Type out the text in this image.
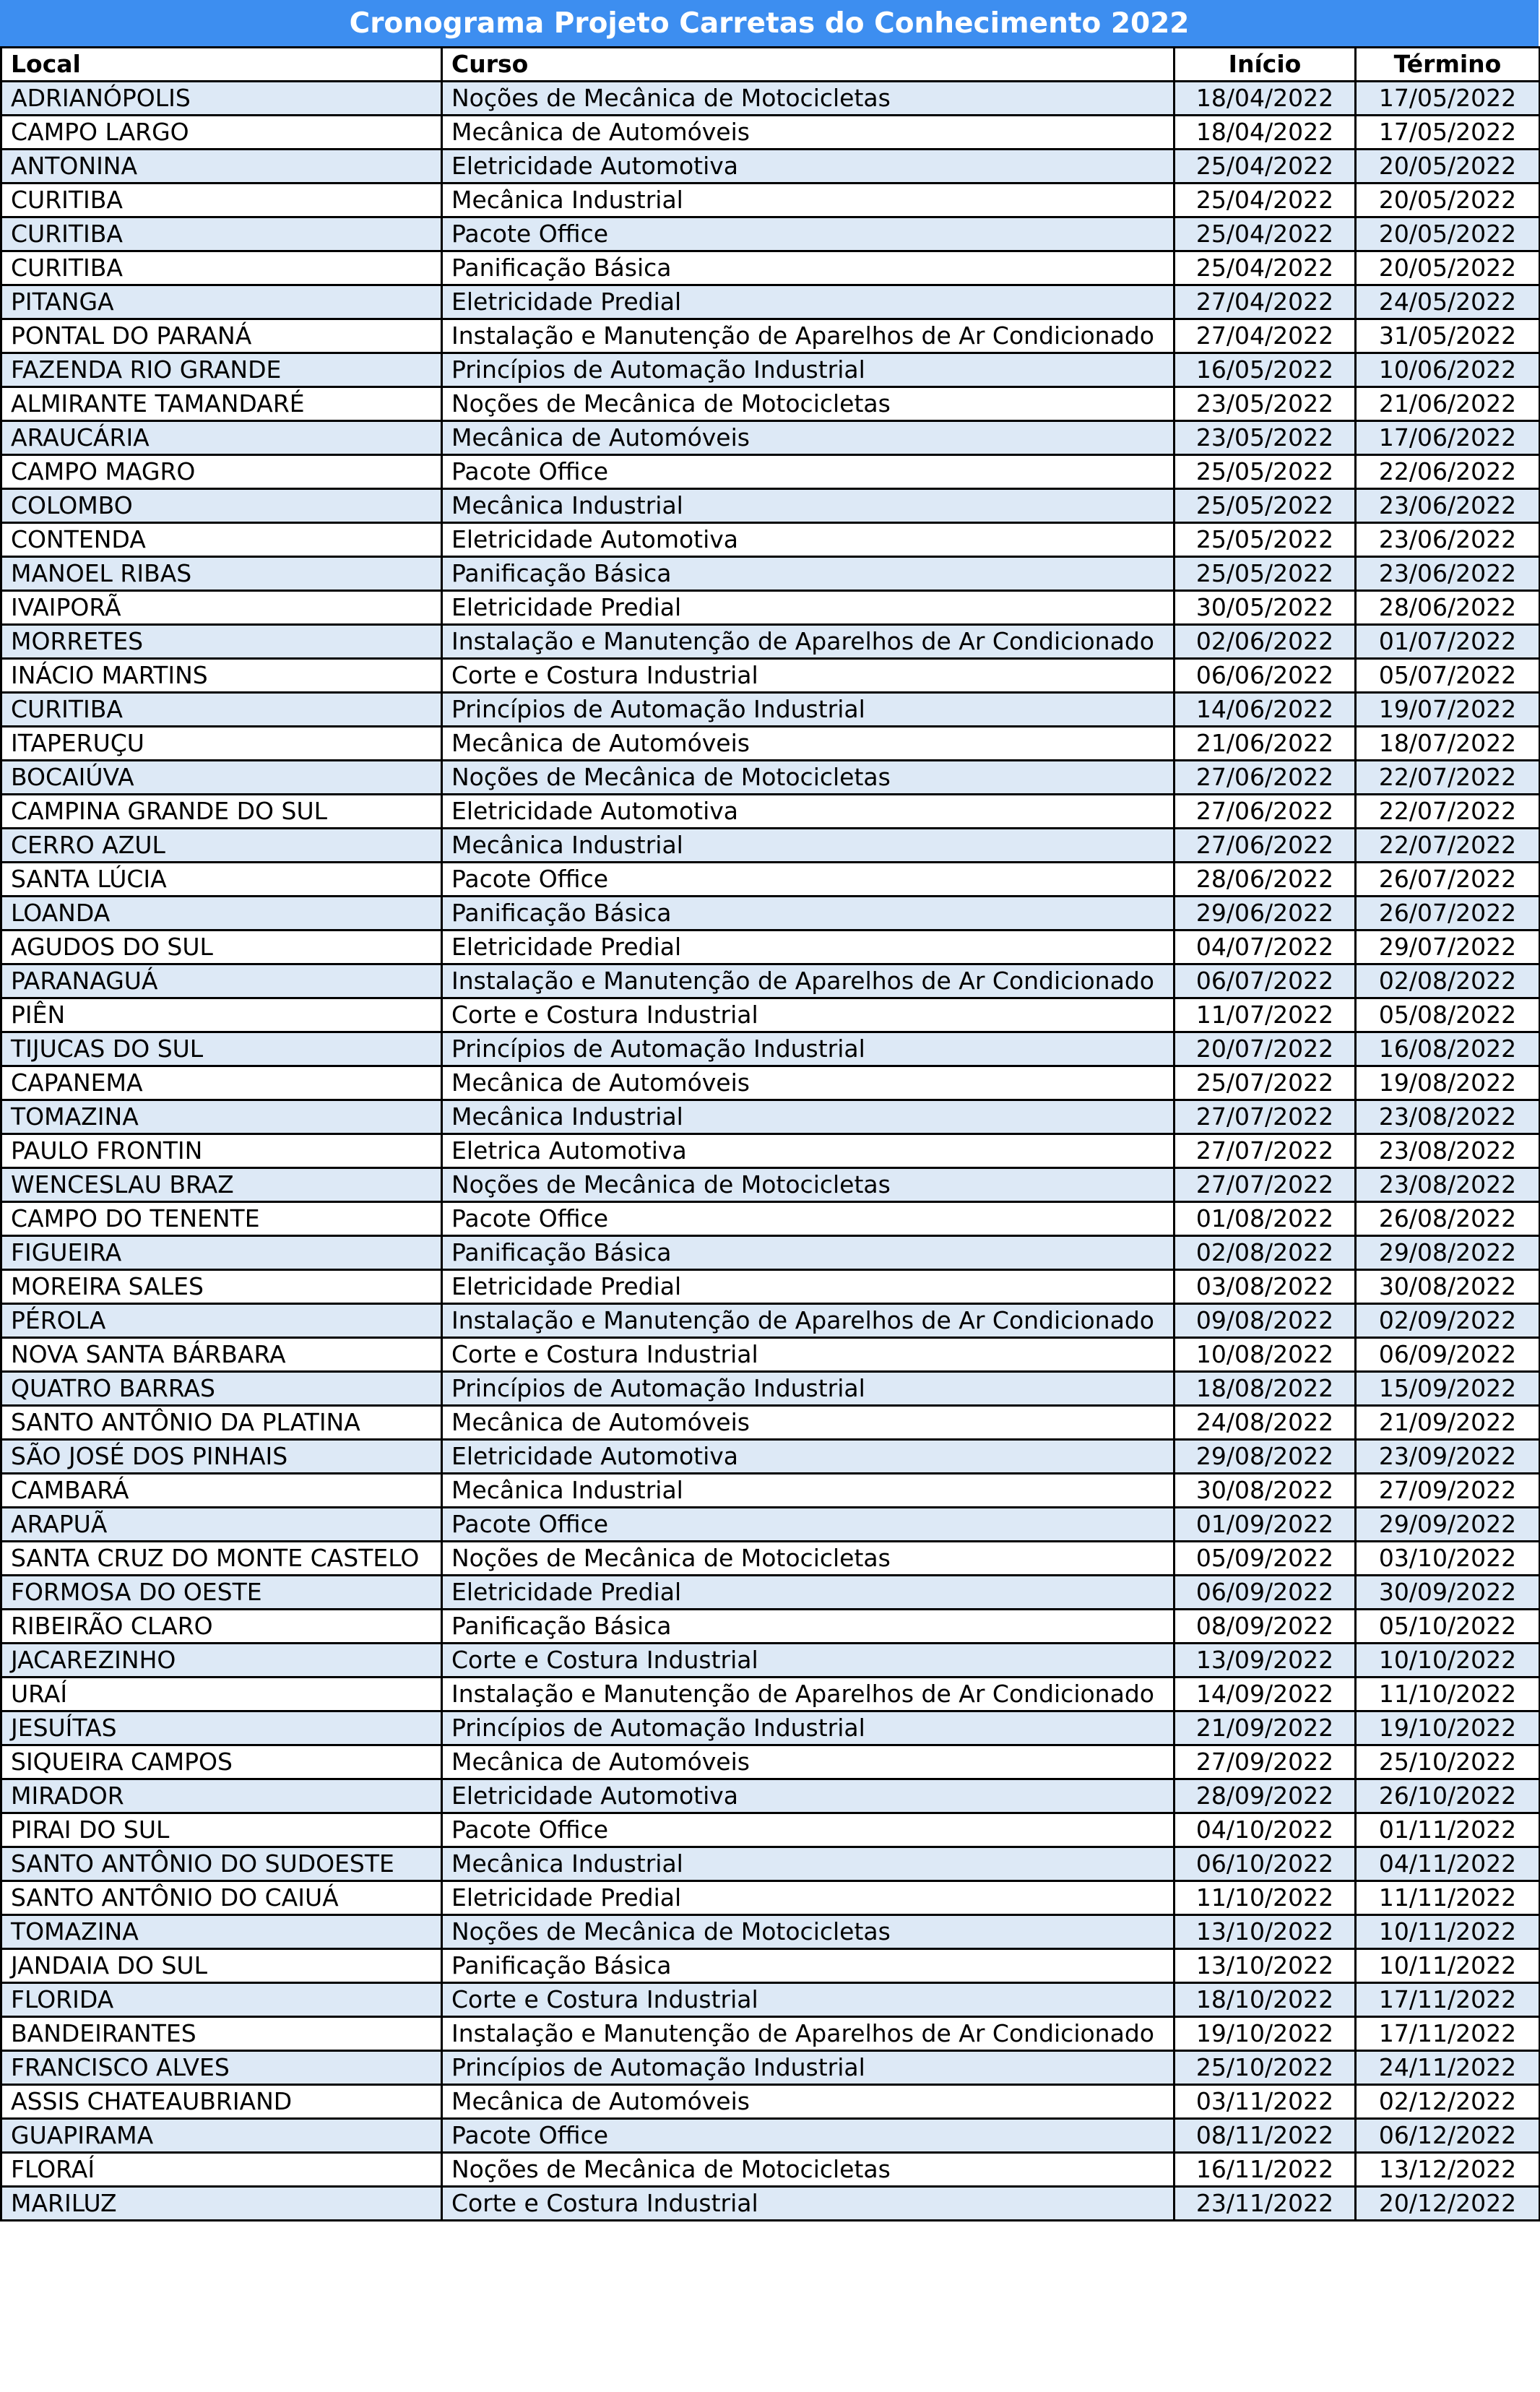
Cronograma Projeto Carretas do Conhecimento 2022
Local	Curso	Início	Término
ADRIANÓPOLIS	Noções de Mecânica de Motocicletas	18/04/2022	17/05/2022
CAMPO LARGO	Mecânica de Automóveis	18/04/2022	17/05/2022
ANTONINA	Eletricidade Automotiva	25/04/2022	20/05/2022
CURITIBA	Mecânica Industrial	25/04/2022	20/05/2022
CURITIBA	Pacote Office	25/04/2022	20/05/2022
CURITIBA	Panificação Básica	25/04/2022	20/05/2022
PITANGA	Eletricidade Predial	27/04/2022	24/05/2022
PONTAL DO PARANÁ	Instalação e Manutenção de Aparelhos de Ar Condicionado	27/04/2022	31/05/2022
FAZENDA RIO GRANDE	Princípios de Automação Industrial	16/05/2022	10/06/2022
ALMIRANTE TAMANDARÉ	Noções de Mecânica de Motocicletas	23/05/2022	21/06/2022
ARAUCÁRIA	Mecânica de Automóveis	23/05/2022	17/06/2022
CAMPO MAGRO	Pacote Office	25/05/2022	22/06/2022
COLOMBO	Mecânica Industrial	25/05/2022	23/06/2022
CONTENDA	Eletricidade Automotiva	25/05/2022	23/06/2022
MANOEL RIBAS	Panificação Básica	25/05/2022	23/06/2022
IVAIPORÃ	Eletricidade Predial	30/05/2022	28/06/2022
MORRETES	Instalação e Manutenção de Aparelhos de Ar Condicionado	02/06/2022	01/07/2022
INÁCIO MARTINS	Corte e Costura Industrial	06/06/2022	05/07/2022
CURITIBA	Princípios de Automação Industrial	14/06/2022	19/07/2022
ITAPERUÇU	Mecânica de Automóveis	21/06/2022	18/07/2022
BOCAIÚVA	Noções de Mecânica de Motocicletas	27/06/2022	22/07/2022
CAMPINA GRANDE DO SUL	Eletricidade Automotiva	27/06/2022	22/07/2022
CERRO AZUL	Mecânica Industrial	27/06/2022	22/07/2022
SANTA LÚCIA	Pacote Office	28/06/2022	26/07/2022
LOANDA	Panificação Básica	29/06/2022	26/07/2022
AGUDOS DO SUL	Eletricidade Predial	04/07/2022	29/07/2022
PARANAGUÁ	Instalação e Manutenção de Aparelhos de Ar Condicionado	06/07/2022	02/08/2022
PIÊN	Corte e Costura Industrial	11/07/2022	05/08/2022
TIJUCAS DO SUL	Princípios de Automação Industrial	20/07/2022	16/08/2022
CAPANEMA	Mecânica de Automóveis	25/07/2022	19/08/2022
TOMAZINA	Mecânica Industrial	27/07/2022	23/08/2022
PAULO FRONTIN	Eletrica Automotiva	27/07/2022	23/08/2022
WENCESLAU BRAZ	Noções de Mecânica de Motocicletas	27/07/2022	23/08/2022
CAMPO DO TENENTE	Pacote Office	01/08/2022	26/08/2022
FIGUEIRA	Panificação Básica	02/08/2022	29/08/2022
MOREIRA SALES	Eletricidade Predial	03/08/2022	30/08/2022
PÉROLA	Instalação e Manutenção de Aparelhos de Ar Condicionado	09/08/2022	02/09/2022
NOVA SANTA BÁRBARA	Corte e Costura Industrial	10/08/2022	06/09/2022
QUATRO BARRAS	Princípios de Automação Industrial	18/08/2022	15/09/2022
SANTO ANTÔNIO DA PLATINA	Mecânica de Automóveis	24/08/2022	21/09/2022
SÃO JOSÉ DOS PINHAIS	Eletricidade Automotiva	29/08/2022	23/09/2022
CAMBARÁ	Mecânica Industrial	30/08/2022	27/09/2022
ARAPUÃ	Pacote Office	01/09/2022	29/09/2022
SANTA CRUZ DO MONTE CASTELO	Noções de Mecânica de Motocicletas	05/09/2022	03/10/2022
FORMOSA DO OESTE	Eletricidade Predial	06/09/2022	30/09/2022
RIBEIRÃO CLARO	Panificação Básica	08/09/2022	05/10/2022
JACAREZINHO	Corte e Costura Industrial	13/09/2022	10/10/2022
URAÍ	Instalação e Manutenção de Aparelhos de Ar Condicionado	14/09/2022	11/10/2022
JESUÍTAS	Princípios de Automação Industrial	21/09/2022	19/10/2022
SIQUEIRA CAMPOS	Mecânica de Automóveis	27/09/2022	25/10/2022
MIRADOR	Eletricidade Automotiva	28/09/2022	26/10/2022
PIRAI DO SUL	Pacote Office	04/10/2022	01/11/2022
SANTO ANTÔNIO DO SUDOESTE	Mecânica Industrial	06/10/2022	04/11/2022
SANTO ANTÔNIO DO CAIUÁ	Eletricidade Predial	11/10/2022	11/11/2022
TOMAZINA	Noções de Mecânica de Motocicletas	13/10/2022	10/11/2022
JANDAIA DO SUL	Panificação Básica	13/10/2022	10/11/2022
FLORIDA	Corte e Costura Industrial	18/10/2022	17/11/2022
BANDEIRANTES	Instalação e Manutenção de Aparelhos de Ar Condicionado	19/10/2022	17/11/2022
FRANCISCO ALVES	Princípios de Automação Industrial	25/10/2022	24/11/2022
ASSIS CHATEAUBRIAND	Mecânica de Automóveis	03/11/2022	02/12/2022
GUAPIRAMA	Pacote Office	08/11/2022	06/12/2022
FLORAÍ	Noções de Mecânica de Motocicletas	16/11/2022	13/12/2022
MARILUZ	Corte e Costura Industrial	23/11/2022	20/12/2022
